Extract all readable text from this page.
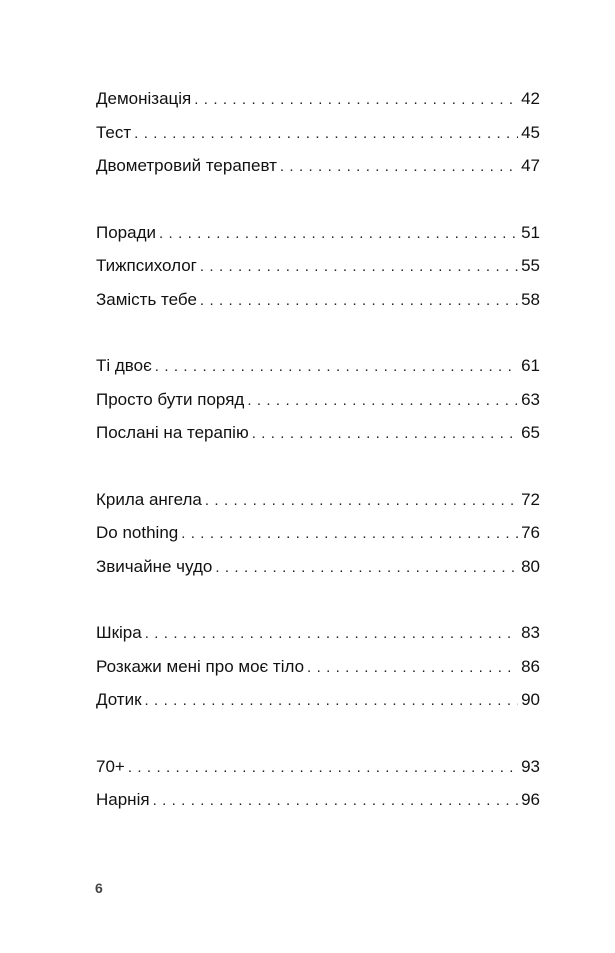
Демонізація . . .	42
Тест . . .	45
Двометровий терапевт . . .	47
Поради . . .	51
Тижпсихолог . . .	55
Замість тебе . . .	58
Ті двоє . . .	61
Просто бути поряд . . .	63
Послані на терапію . . .	65
Крила ангела . . .	72
Do nothing . . .	76
Звичайне чудо . . .	80
Шкіра . . .	83
Розкажи мені про моє тіло . . .	86
Дотик . . .	90
70+ . . .	93
Нарнія . . .	96
6
